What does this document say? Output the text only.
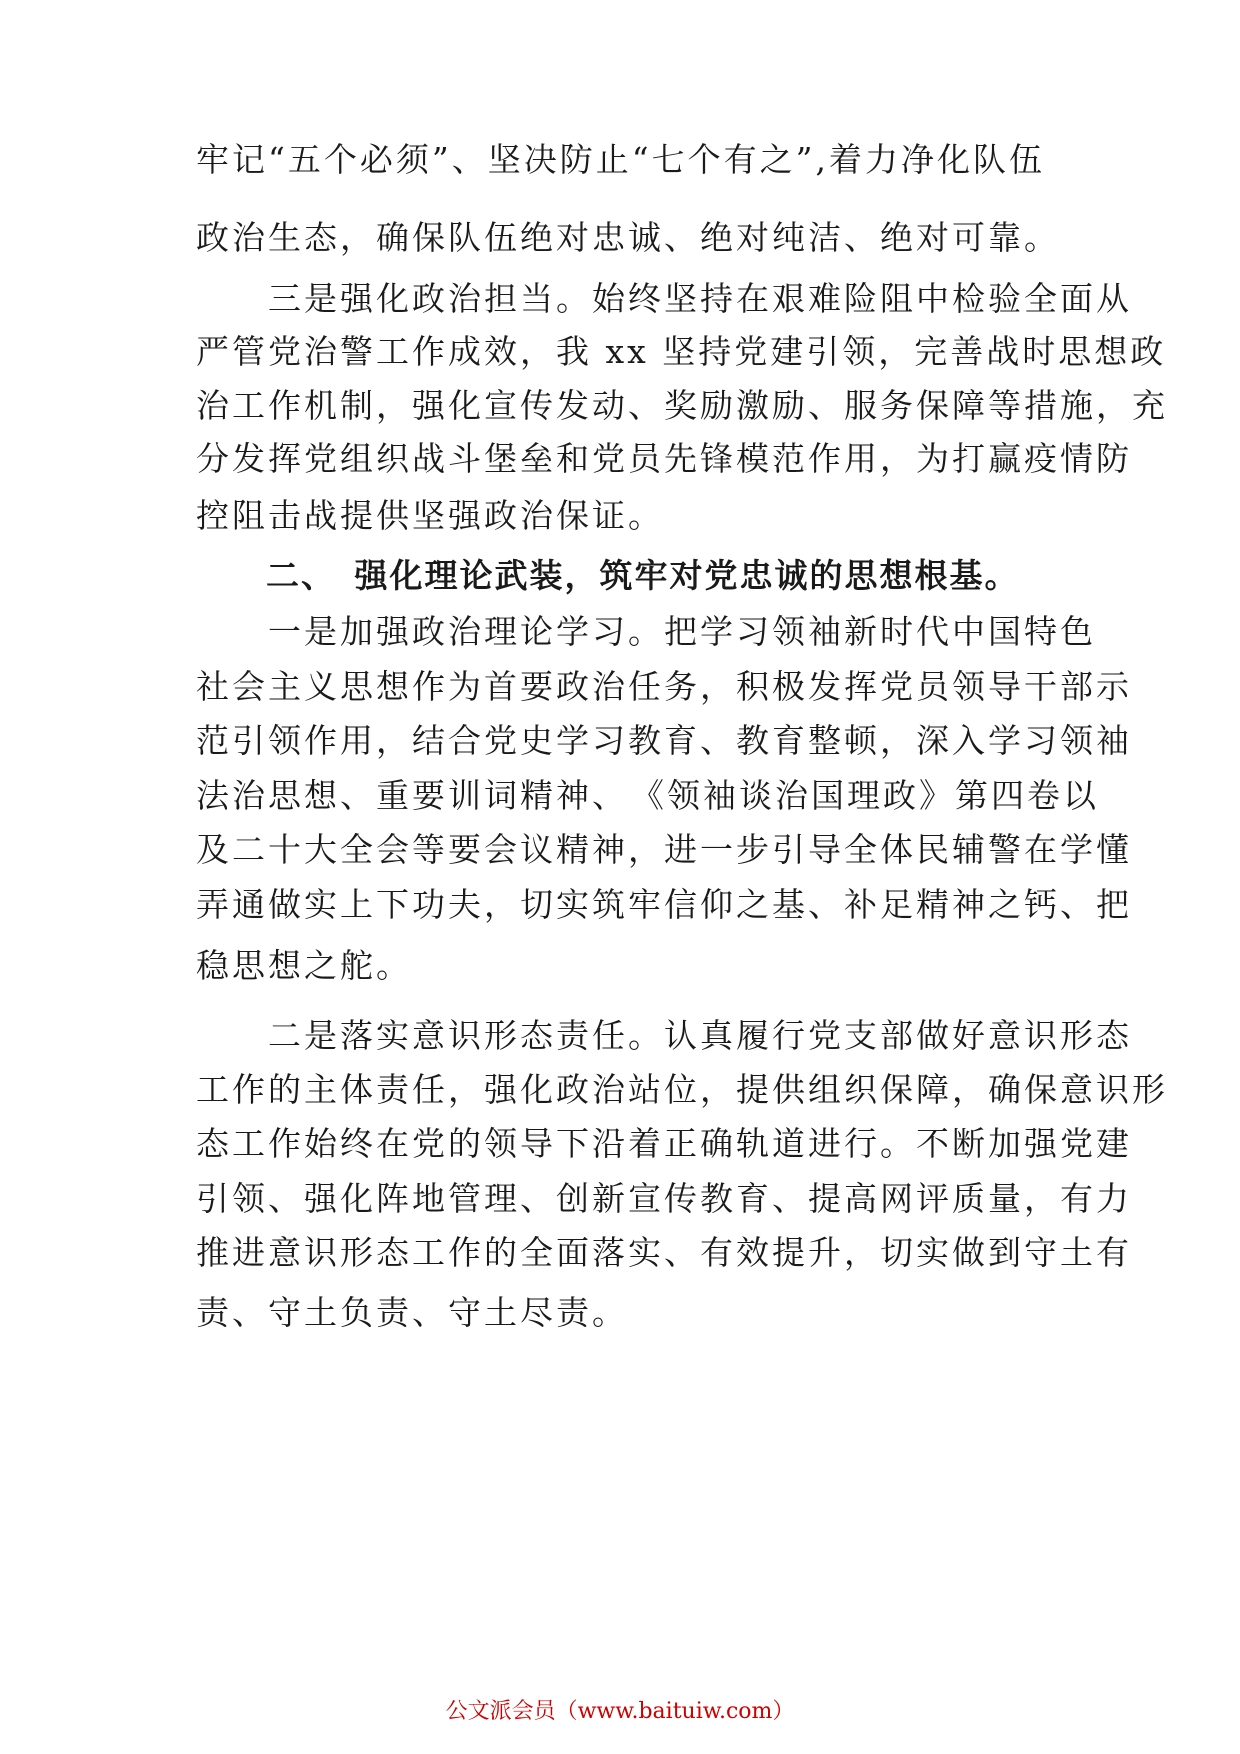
牢记“五个必须”、坚决防止“七个有之”,着力净化队伍
政治生态，确保队伍绝对忠诚、绝对纯洁、绝对可靠。
　　三是强化政治担当。始终坚持在艰难险阻中检验全面从
严管党治警工作成效，我 xx 坚持党建引领，完善战时思想政
治工作机制，强化宣传发动、奖励激励、服务保障等措施，充
分发挥党组织战斗堡垒和党员先锋模范作用，为打赢疫情防
控阻击战提供坚强政治保证。
　　二、　强化理论武装，筑牢对党忠诚的思想根基。
　　一是加强政治理论学习。把学习领袖新时代中国特色
社会主义思想作为首要政治任务，积极发挥党员领导干部示
范引领作用，结合党史学习教育、教育整顿，深入学习领袖
法治思想、重要训词精神、　《领袖谈治国理政》第四卷以
及二十大全会等要会议精神，进一步引导全体民辅警在学懂
弄通做实上下功夫，切实筑牢信仰之基、补足精神之钙、把
稳思想之舵。
　　二是落实意识形态责任。认真履行党支部做好意识形态
工作的主体责任，强化政治站位，提供组织保障，确保意识形
态工作始终在党的领导下沿着正确轨道进行。不断加强党建
引领、强化阵地管理、创新宣传教育、提高网评质量，有力
推进意识形态工作的全面落实、有效提升，切实做到守土有
责、守土负责、守土尽责。
公文派会员（www.baituiw.com）
